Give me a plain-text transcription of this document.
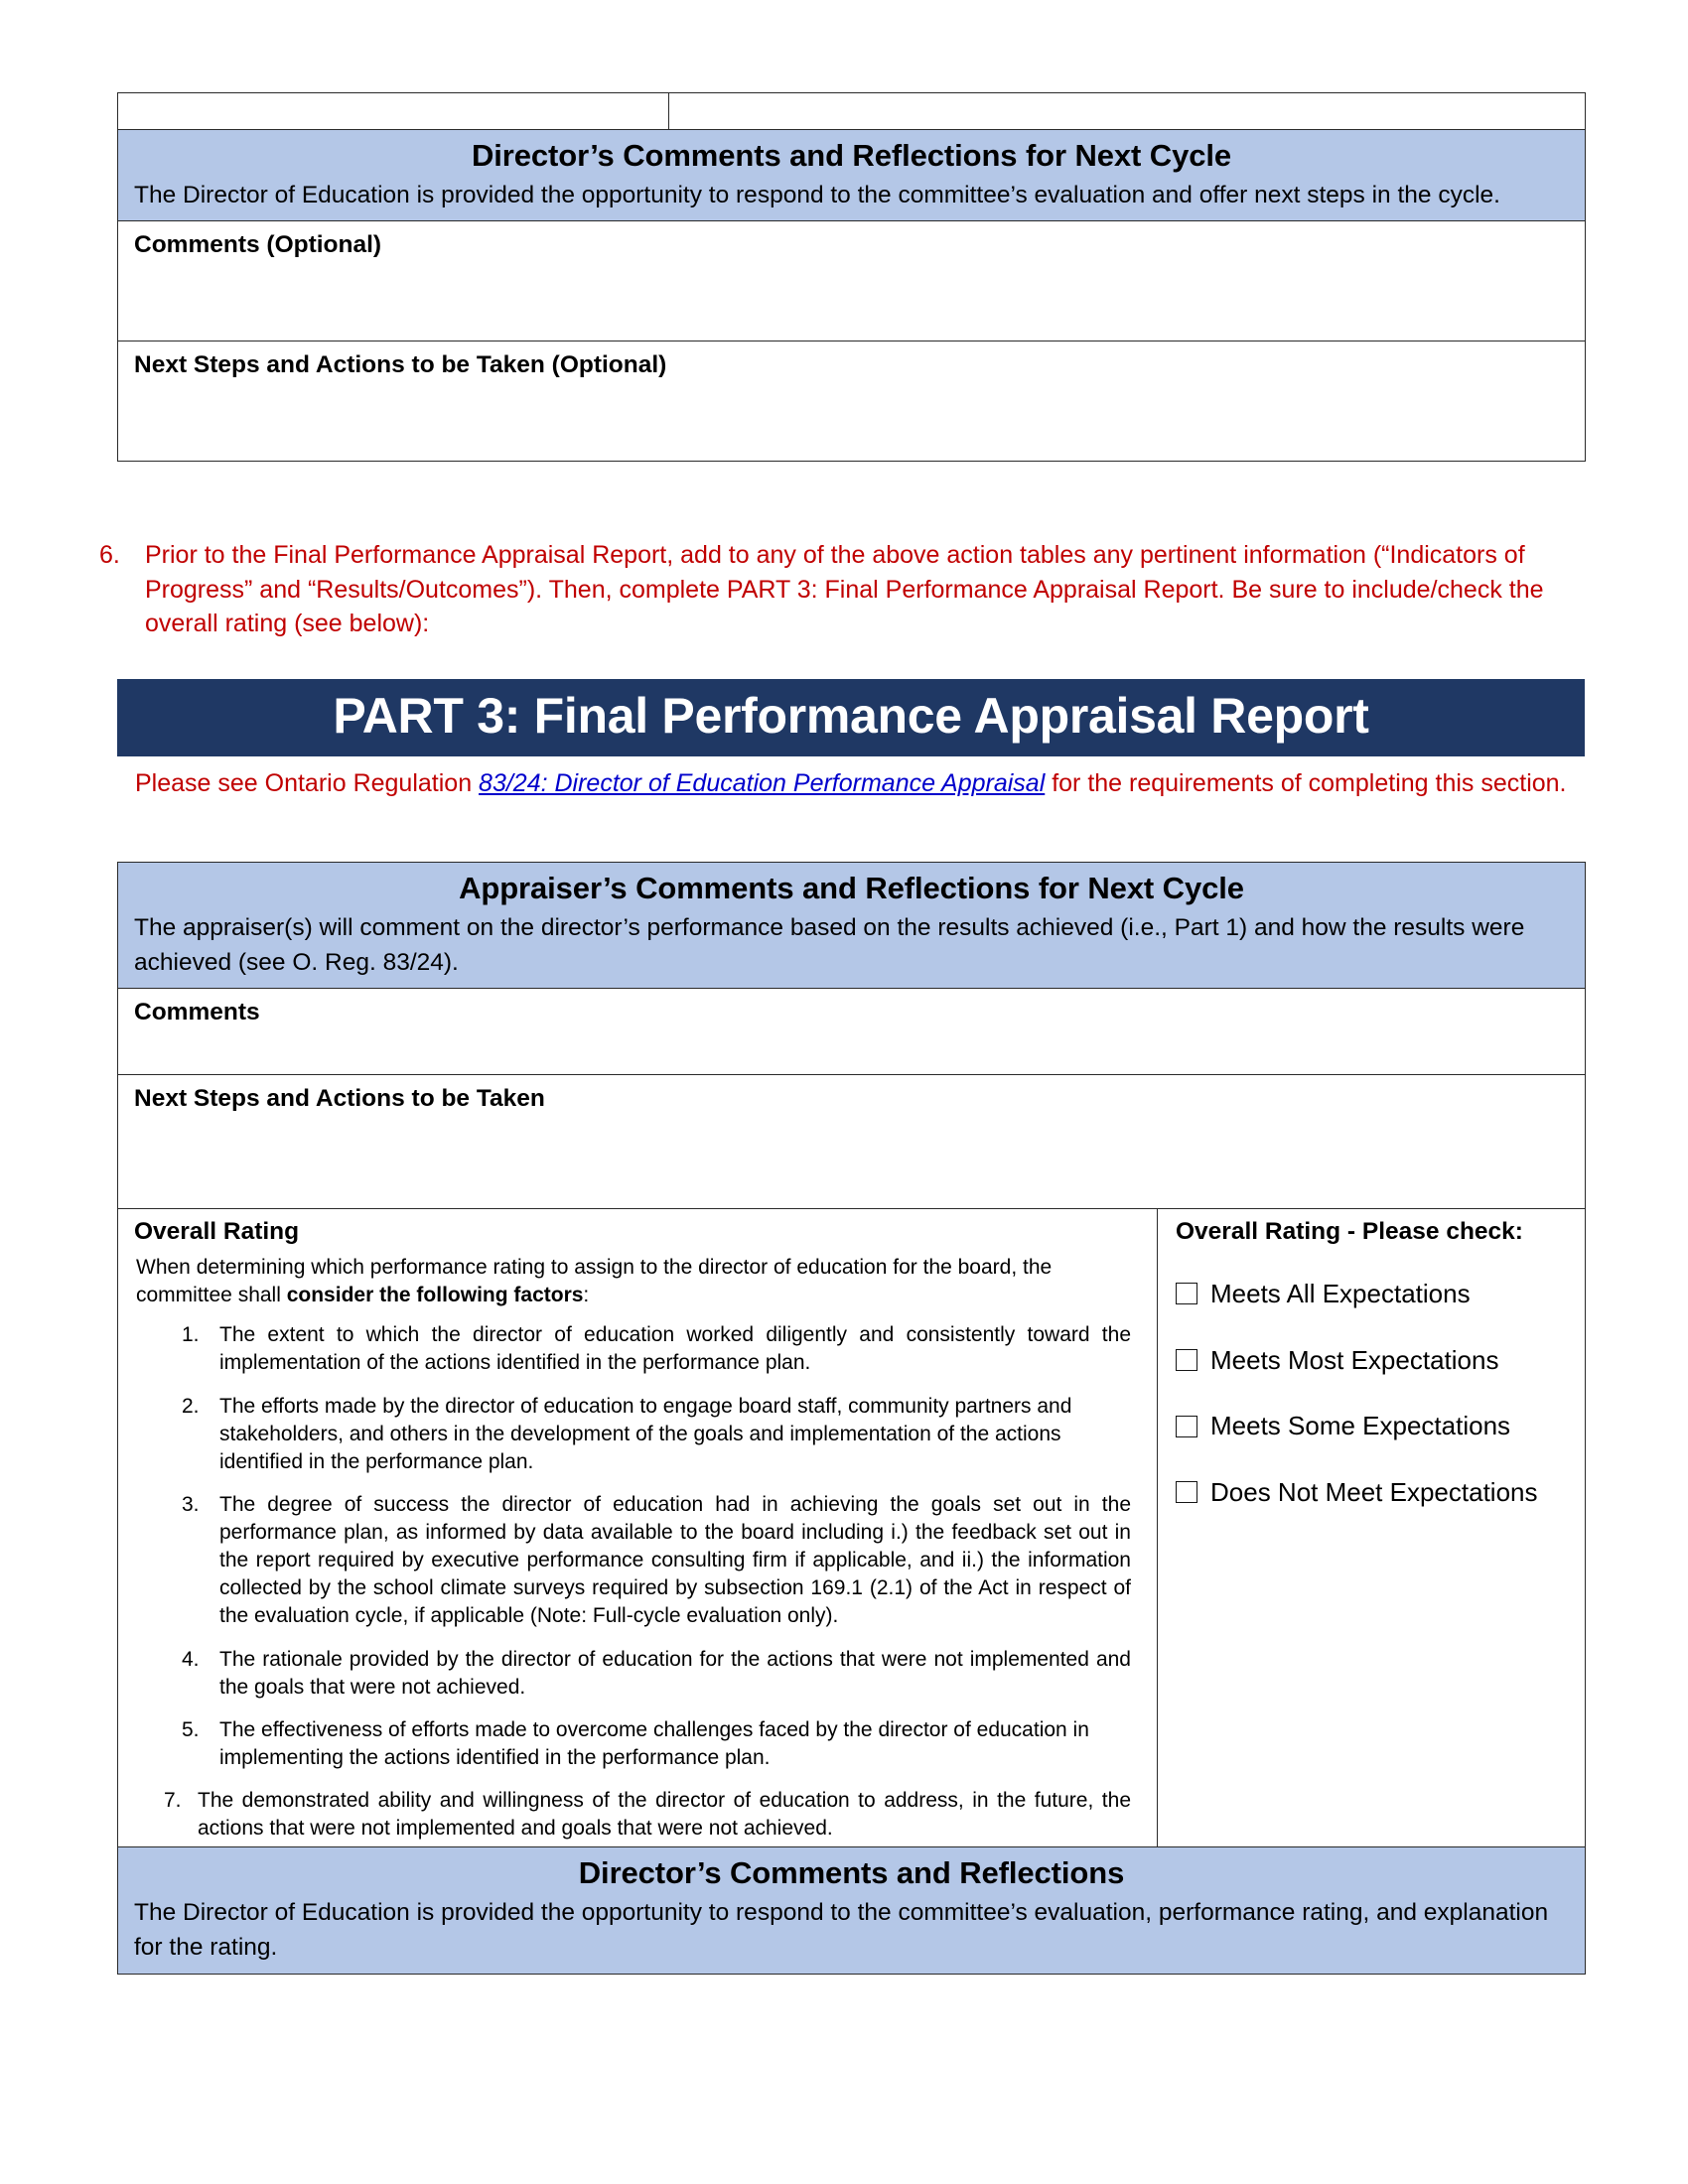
Director’s Comments and Reflections for Next Cycle
The Director of Education is provided the opportunity to respond to the committee’s evaluation and offer next steps in the cycle.

Comments (Optional)

Next Steps and Actions to be Taken (Optional)
6.	Prior to the Final Performance Appraisal Report, add to any of the above action tables any pertinent information (“Indicators of Progress” and “Results/Outcomes”). Then, complete PART 3: Final Performance Appraisal Report. Be sure to include/check the overall rating (see below):
PART 3: Final Performance Appraisal Report
Please see Ontario Regulation 83/24: Director of Education Performance Appraisal for the requirements of completing this section.
Appraiser’s Comments and Reflections for Next Cycle
The appraiser(s) will comment on the director’s performance based on the results achieved (i.e., Part 1) and how the results were achieved (see O. Reg. 83/24).

Comments

Next Steps and Actions to be Taken

Overall Rating
When determining which performance rating to assign to the director of education for the board, the committee shall consider the following factors:
1. The extent to which the director of education worked diligently and consistently toward the implementation of the actions identified in the performance plan.
2. The efforts made by the director of education to engage board staff, community partners and stakeholders, and others in the development of the goals and implementation of the actions identified in the performance plan.
3. The degree of success the director of education had in achieving the goals set out in the performance plan, as informed by data available to the board including i.) the feedback set out in the report required by executive performance consulting firm if applicable, and ii.) the information collected by the school climate surveys required by subsection 169.1 (2.1) of the Act in respect of the evaluation cycle, if applicable (Note: Full-cycle evaluation only).
4. The rationale provided by the director of education for the actions that were not implemented and the goals that were not achieved.
5. The effectiveness of efforts made to overcome challenges faced by the director of education in implementing the actions identified in the performance plan.
7. The demonstrated ability and willingness of the director of education to address, in the future, the actions that were not implemented and goals that were not achieved.

Overall Rating - Please check:
Meets All Expectations
Meets Most Expectations
Meets Some Expectations
Does Not Meet Expectations

Director’s Comments and Reflections
The Director of Education is provided the opportunity to respond to the committee’s evaluation, performance rating, and explanation for the rating.
